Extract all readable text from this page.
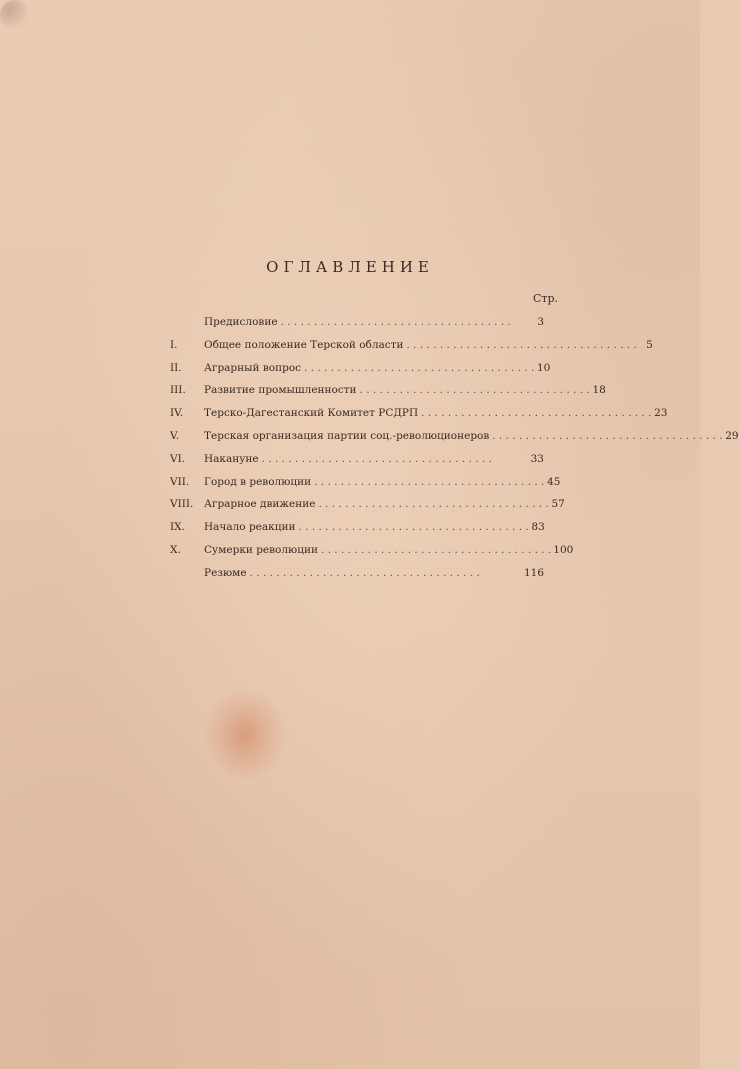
ОГЛАВЛЕНИЕ
Стр.
Предисловие . . .	3
I.	Общее положение Терской области . . .	5
II.	Аграрный вопрос . . .	10
III.	Развитие промышленности . . .	18
IV.	Терско-Дагестанский Комитет РСДРП . . .	23
V.	Терская организация партии соц.-революционеров . . .	29
VI.	Накануне . . .	33
VII.	Город в революции . . .	45
VIII.	Аграрное движение . . .	57
IX.	Начало реакции . . .	83
X.	Сумерки революции . . .	100
Резюме . . .	116
